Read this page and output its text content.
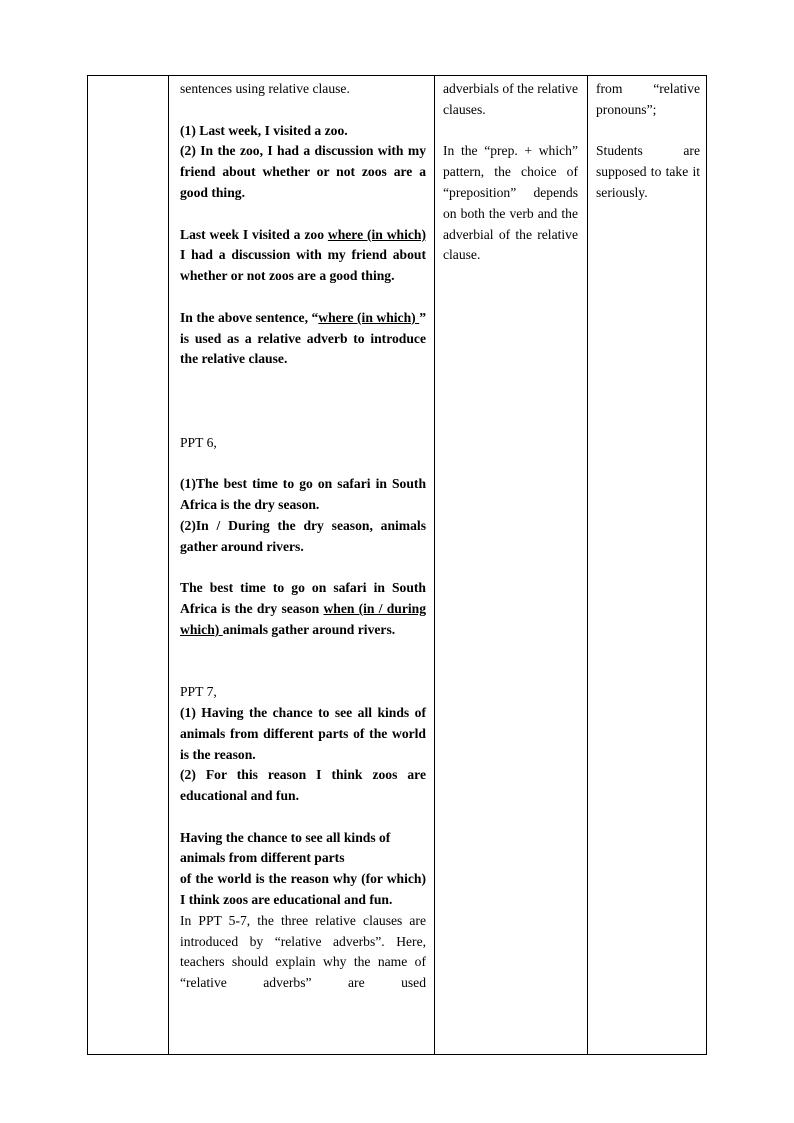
sentences using relative clause.

(1) Last week, I visited a zoo.

(2) In the zoo, I had a discussion with my friend about whether or not zoos are a good thing.

Last week I visited a zoo where (in which) I had a discussion with my friend about whether or not zoos are a good thing.

In the above sentence, “where (in which) ” is used as a relative adverb to introduce the relative clause.

PPT 6,

(1)The best time to go on safari in South Africa is the dry season.

(2)In / During the dry season, animals gather around rivers.

The best time to go on safari in South Africa is the dry season when (in / during which) animals gather around rivers.

PPT 7,

(1) Having the chance to see all kinds of animals from different parts of the world is the reason.

(2) For this reason I think zoos are educational and fun.

Having the chance to see all kinds of animals from different parts

of the world is the reason why (for which)    I think zoos are educational and fun.

In PPT 5-7, the three relative clauses are introduced by “relative adverbs”. Here, teachers should explain why the name of “relative adverbs” are used

adverbials of the relative clauses.

In the “prep. + which” pattern, the choice of “preposition” depends on both the verb and the adverbial of the relative clause.

from “relative pronouns”;

Students are supposed to take it seriously.
